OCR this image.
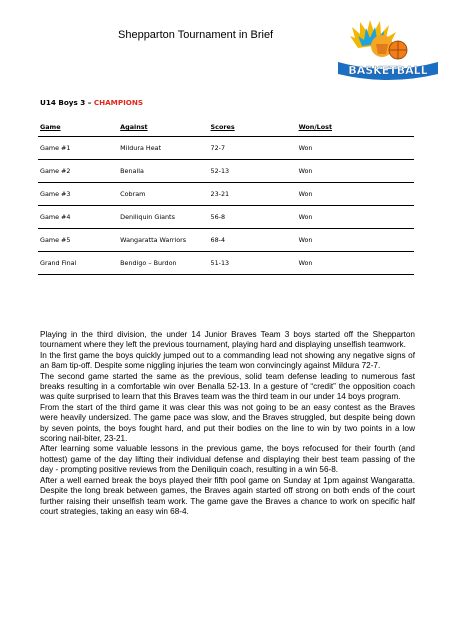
Shepparton Tournament in Brief
BASKETBALL
U14 Boys 3 – CHAMPIONS
Game	Against	Scores	Won/Lost
Game #1	Mildura Heat	72-7	Won
Game #2	Benalla	52-13	Won
Game #3	Cobram	23-21	Won
Game #4	Deniliquin Giants	56-8	Won
Game #5	Wangaratta Warriors	68-4	Won
Grand Final	Bendigo – Burdon	51-13	Won

Playing in the third division, the under 14 Junior Braves Team 3 boys started off the Shepparton tournament where they left the previous tournament, playing hard and displaying unselfish teamwork.

In the first game the boys quickly jumped out to a commanding lead not showing any negative signs of an 8am tip-off. Despite some niggling injuries the team won convincingly against Mildura 72-7.

The second game started the same as the previous, solid team defense leading to numerous fast breaks resulting in a comfortable win over Benalla 52-13. In a gesture of “credit” the opposition coach was quite surprised to learn that this Braves team was the third team in our under 14 boys program.

From the start of the third game it was clear this was not going to be an easy contest as the Braves were heavily undersized. The game pace was slow, and the Braves struggled, but despite being down by seven points, the boys fought hard, and put their bodies on the line to win by two points in a low scoring nail-biter, 23-21.

After learning some valuable lessons in the previous game, the boys refocused for their fourth (and hottest) game of the day lifting their individual defense and displaying their best team passing of the day - prompting positive reviews from the Deniliquin coach, resulting in a win 56-8.

After a well earned break the boys played their fifth pool game on Sunday at 1pm against Wangaratta. Despite the long break between games, the Braves again started off strong on both ends of the court further raising their unselfish team work. The game gave the Braves a chance to work on specific half court strategies, taking an easy win 68-4.
